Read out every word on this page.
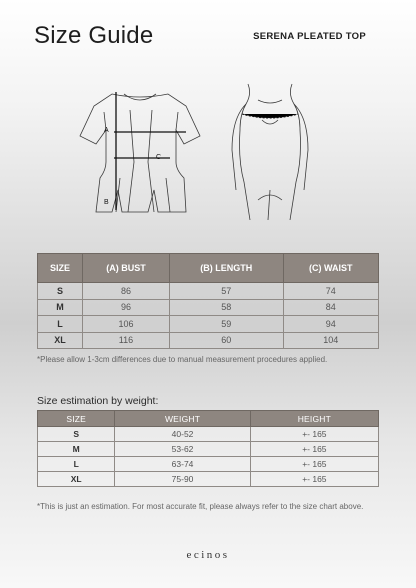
Size Guide	SERENA PLEATED TOP
A
C
B
SIZE	(A) BUST	(B) LENGTH	(C) WAIST
S	86	57	74
M	96	58	84
L	106	59	94
XL	116	60	104
*Please allow 1-3cm differences due to manual measurement procedures applied.
Size estimation by weight:
SIZE	WEIGHT	HEIGHT
S	40-52	+- 165
M	53-62	+- 165
L	63-74	+- 165
XL	75-90	+- 165
*This is just an estimation. For most accurate fit, please always refer to the size chart above.
ecinos
